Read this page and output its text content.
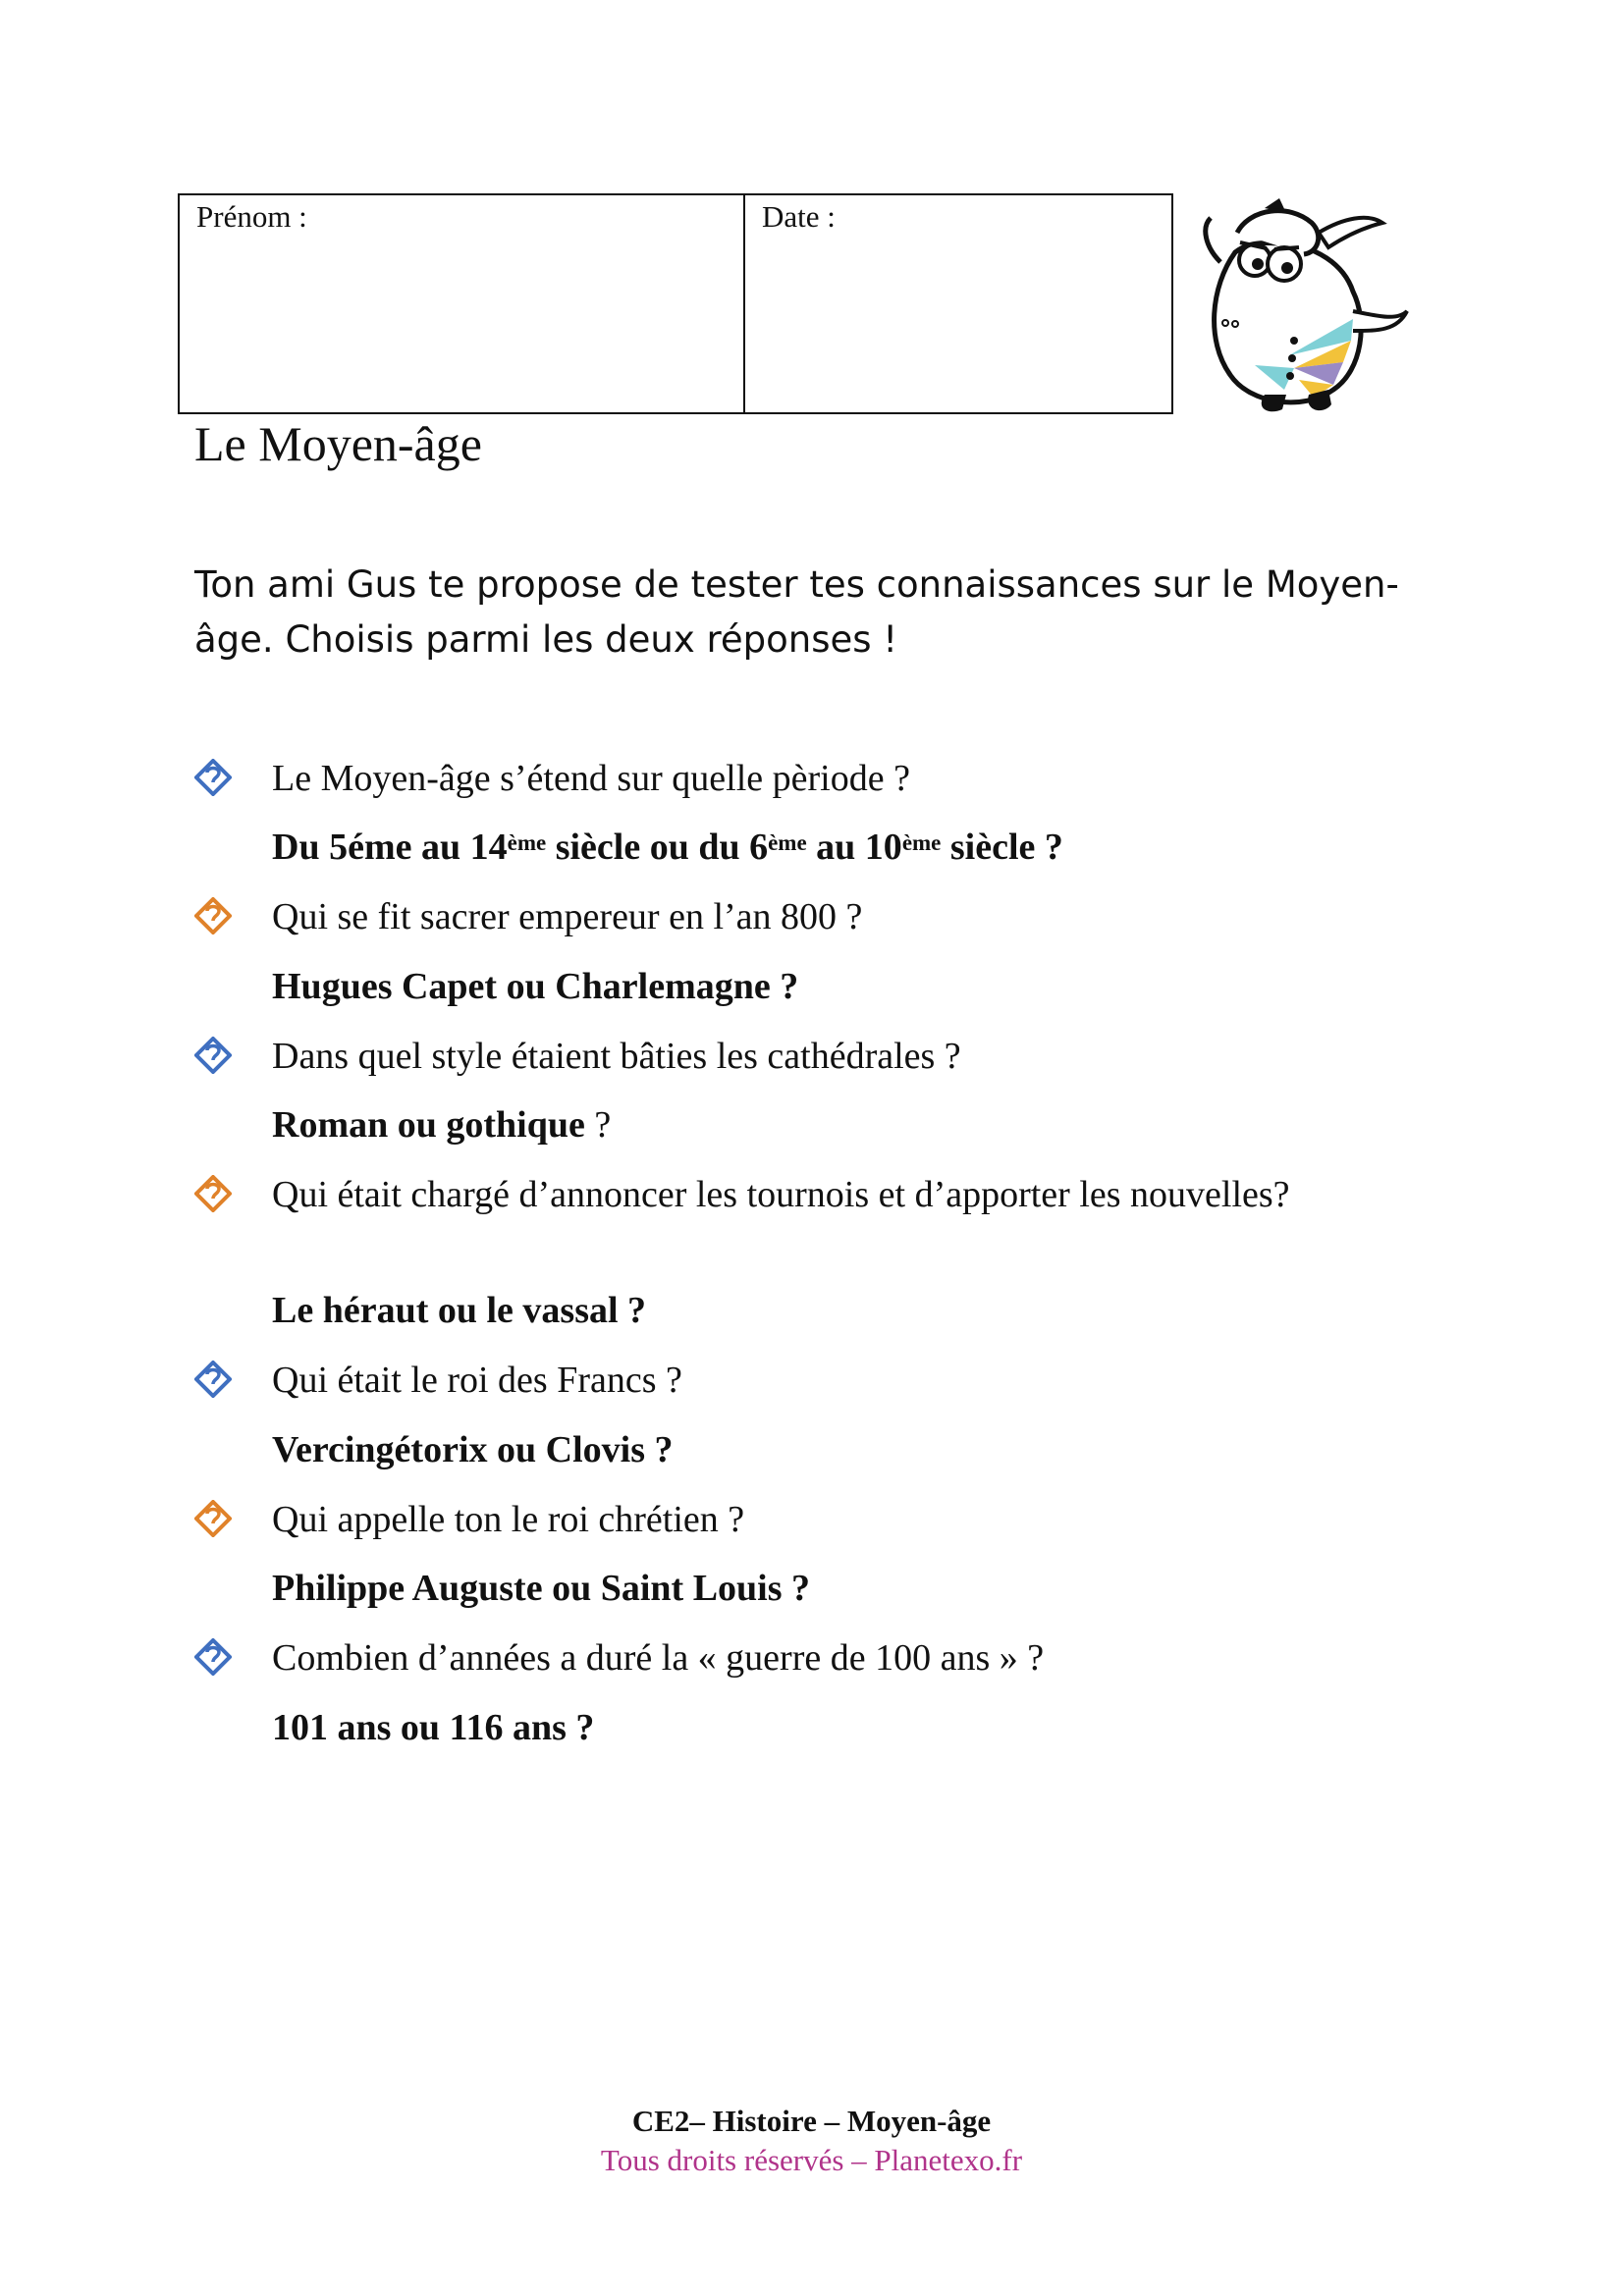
Prénom :	Date :
Le Moyen-âge
Ton ami Gus te propose de tester tes connaissances sur le Moyen-âge. Choisis parmi les deux réponses !
Le Moyen-âge s’étend sur quelle pèriode ?
Du 5éme au 14ème siècle ou du 6ème au 10ème siècle ?
Qui se fit sacrer empereur en l’an 800 ?
Hugues Capet ou Charlemagne ?
Dans quel style étaient bâties les cathédrales ?
Roman ou gothique ?
Qui était chargé d’annoncer les tournois et d’apporter les nouvelles?
Le héraut ou le vassal ?
Qui était le roi des Francs ?
Vercingétorix ou Clovis ?
Qui appelle ton le roi chrétien ?
Philippe Auguste ou Saint Louis ?
Combien d’années a duré la « guerre de 100 ans » ?
101 ans ou 116 ans ?
CE2– Histoire – Moyen-âge
Tous droits réservés – Planetexo.fr
